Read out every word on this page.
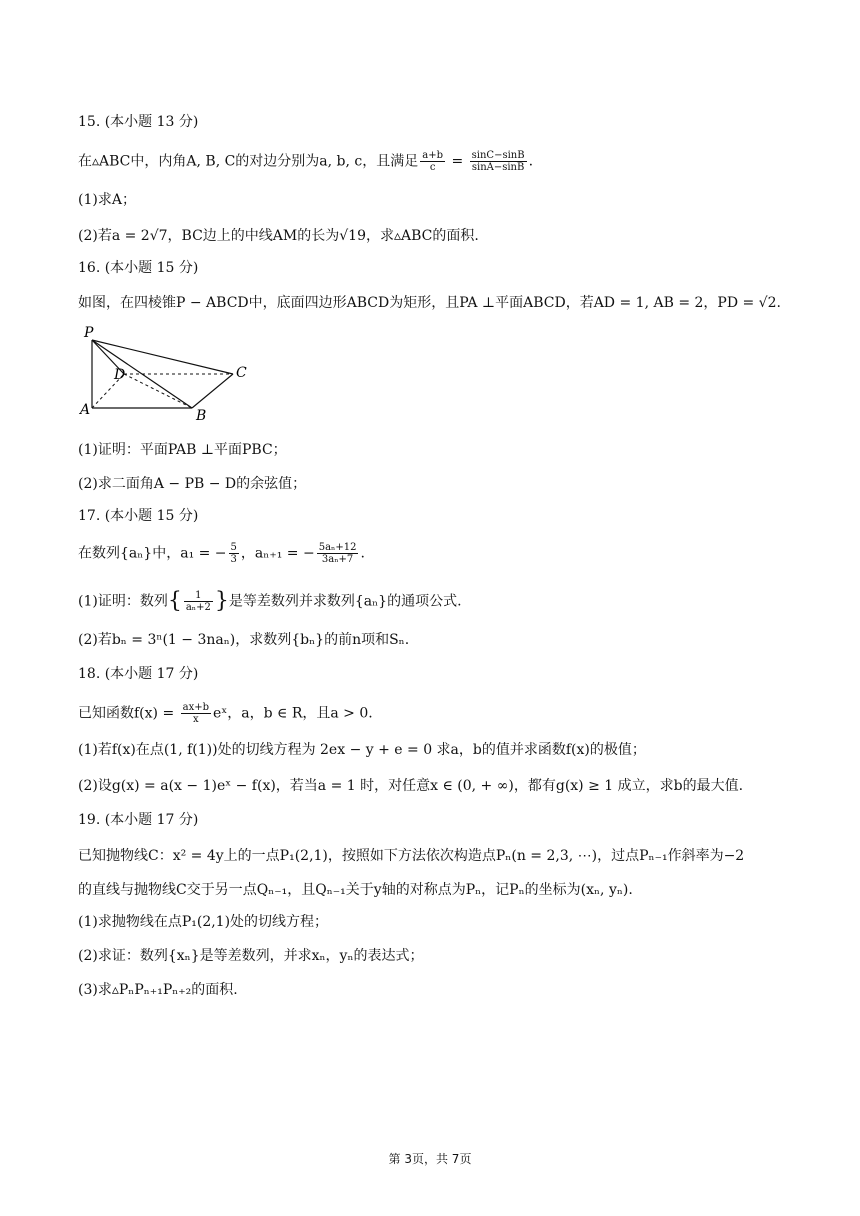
15. (本小题 13 分)
在▵ABC中，内角A, B, C的对边分别为a, b, c，且满足 $\frac{a+b}{c} = \frac{\sin C-\sin B}{\sin A-\sin B}$ .
(1)求A；
(2)若a = 2√7，BC边上的中线AM的长为√19，求▵ABC的面积.
16. (本小题 15 分)
如图，在四棱锥P − ABCD中，底面四边形ABCD为矩形，且PA ⊥平面ABCD，若AD = 1, AB = 2，PD = √2.
P
D	C
A	B
(1)证明：平面PAB ⊥平面PBC；
(2)求二面角A − PB − D的余弦值；
17. (本小题 15 分)
在数列{aₙ}中，a₁ = − $\frac{5}{3}$ ，aₙ₊₁ = − $\frac{\text{5aₙ+12}}{\text{3aₙ+7}}$ .
(1)证明：数列{ $\frac{1}{\text{aₙ+2}}$ }是等差数列并求数列{aₙ}的通项公式.
(2)若bₙ = 3ⁿ(1 − 3naₙ)，求数列{bₙ}的前n项和Sₙ.
18. (本小题 17 分)
已知函数$f(x) = \frac{ax+b}{x}$ eˣ，a，b ∈ R，且a > 0.
(1)若f(x)在点(1, f(1))处的切线方程为 2ex − y + e = 0 求a，b的值并求函数f(x)的极值；
(2)设g(x) = a(x − 1)eˣ − f(x)，若当a = 1 时，对任意x ∈ (0, + ∞)，都有g(x) ≥ 1 成立，求b的最大值.
19. (本小题 17 分)
已知抛物线C：x² = 4y上的一点P₁(2,1)，按照如下方法依次构造点Pₙ(n = 2,3, ⋯)，过点Pₙ₋₁作斜率为−2
的直线与抛物线C交于另一点Qₙ₋₁，且Qₙ₋₁关于y轴的对称点为Pₙ，记Pₙ的坐标为(xₙ, yₙ).
(1)求抛物线在点P₁(2,1)处的切线方程；
(2)求证：数列{xₙ}是等差数列，并求xₙ，yₙ的表达式；
(3)求▵PₙPₙ₊₁Pₙ₊₂的面积.
第 3页，共 7页
